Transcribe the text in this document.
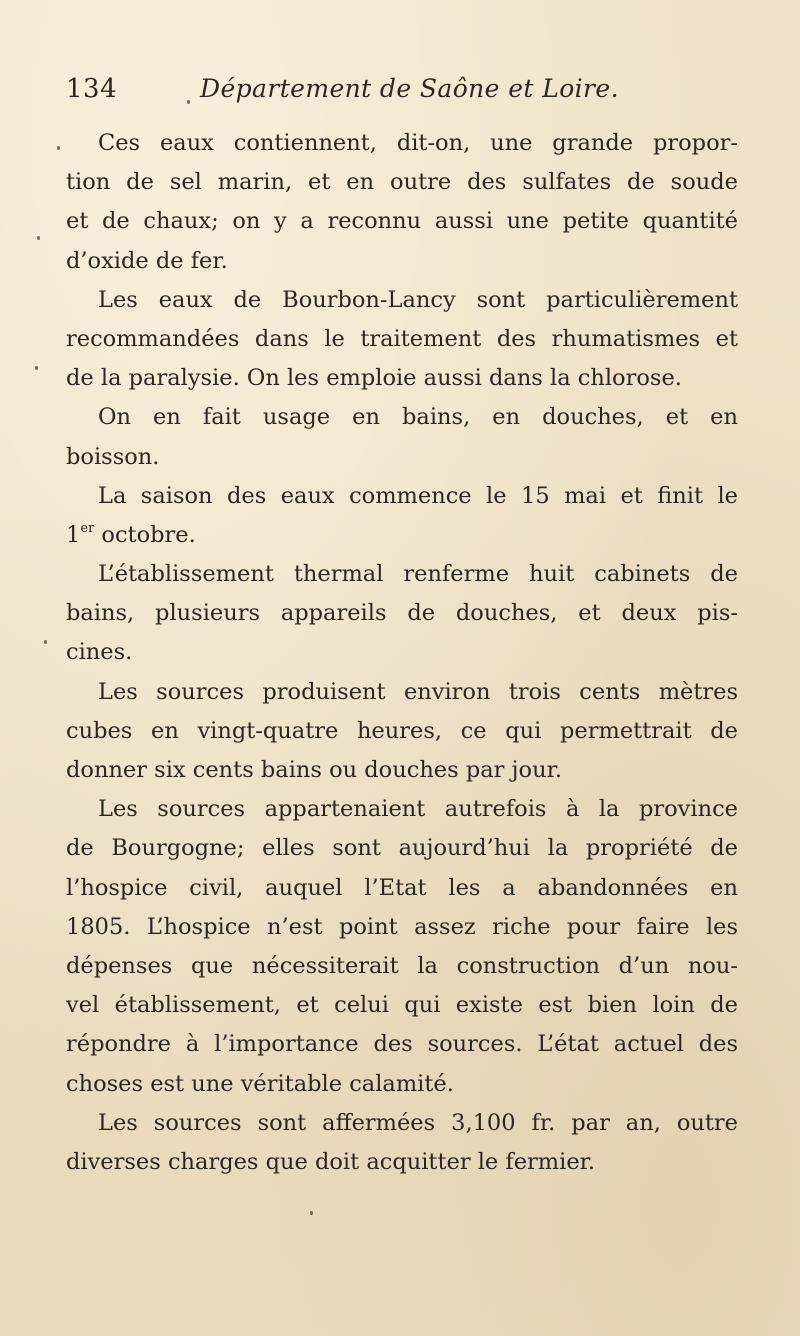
134	Département de Saône et Loire.
Ces eaux contiennent, dit-on, une grande propor-
tion de sel marin, et en outre des sulfates de soude
et de chaux; on y a reconnu aussi une petite quantité
d’oxide de fer.
Les eaux de Bourbon-Lancy sont particulièrement
recommandées dans le traitement des rhumatismes et
de la paralysie. On les emploie aussi dans la chlorose.
On en fait usage en bains, en douches, et en
boisson.
La saison des eaux commence le 15 mai et finit le
1er octobre.
L’établissement thermal renferme huit cabinets de
bains, plusieurs appareils de douches, et deux pis-
cines.
Les sources produisent environ trois cents mètres
cubes en vingt-quatre heures, ce qui permettrait de
donner six cents bains ou douches par jour.
Les sources appartenaient autrefois à la province
de Bourgogne; elles sont aujourd’hui la propriété de
l’hospice civil, auquel l’Etat les a abandonnées en
1805. L’hospice n’est point assez riche pour faire les
dépenses que nécessiterait la construction d’un nou-
vel établissement, et celui qui existe est bien loin de
répondre à l’importance des sources. L’état actuel des
choses est une véritable calamité.
Les sources sont affermées 3,100 fr. par an, outre
diverses charges que doit acquitter le fermier.
